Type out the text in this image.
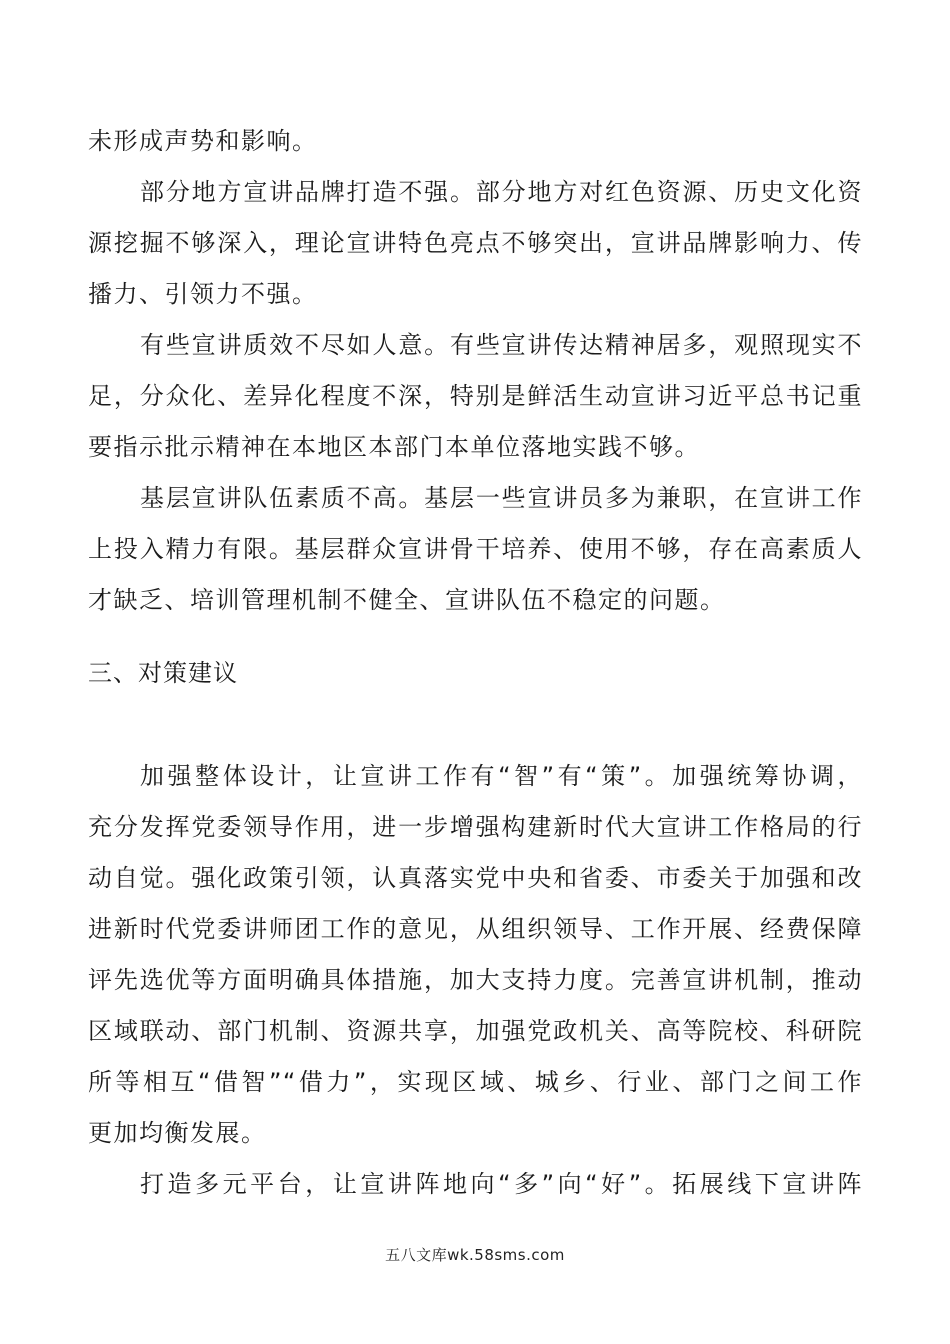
未形成声势和影响。
部分地方宣讲品牌打造不强。部分地方对红色资源、历史文化资
源挖掘不够深入，理论宣讲特色亮点不够突出，宣讲品牌影响力、传
播力、引领力不强。
有些宣讲质效不尽如人意。有些宣讲传达精神居多，观照现实不
足，分众化、差异化程度不深，特别是鲜活生动宣讲习近平总书记重
要指示批示精神在本地区本部门本单位落地实践不够。
基层宣讲队伍素质不高。基层一些宣讲员多为兼职，在宣讲工作
上投入精力有限。基层群众宣讲骨干培养、使用不够，存在高素质人
才缺乏、培训管理机制不健全、宣讲队伍不稳定的问题。
三、对策建议
加强整体设计，让宣讲工作有“智”有“策”。加强统筹协调，
充分发挥党委领导作用，进一步增强构建新时代大宣讲工作格局的行
动自觉。强化政策引领，认真落实党中央和省委、市委关于加强和改
进新时代党委讲师团工作的意见，从组织领导、工作开展、经费保障
评先选优等方面明确具体措施，加大支持力度。完善宣讲机制，推动
区域联动、部门机制、资源共享，加强党政机关、高等院校、科研院
所等相互“借智”“借力”，实现区域、城乡、行业、部门之间工作
更加均衡发展。
打造多元平台，让宣讲阵地向“多”向“好”。拓展线下宣讲阵
五八文库wk.58sms.com
